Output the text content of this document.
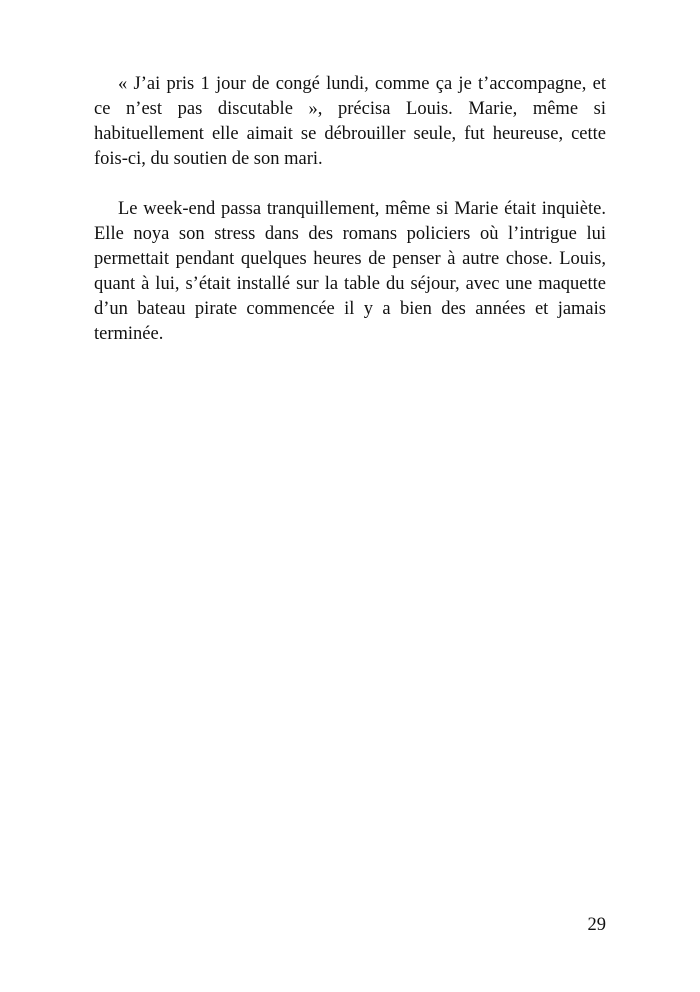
« J’ai pris 1 jour de congé lundi, comme ça je t’accompagne, et ce n’est pas discutable », précisa Louis. Marie, même si habituellement elle aimait se débrouiller seule, fut heureuse, cette fois-ci, du soutien de son mari.

Le week-end passa tranquillement, même si Marie était inquiète. Elle noya son stress dans des romans policiers où l’intrigue lui permettait pendant quelques heures de penser à autre chose. Louis, quant à lui, s’était installé sur la table du séjour, avec une maquette d’un bateau pirate commencée il y a bien des années et jamais terminée.

29
